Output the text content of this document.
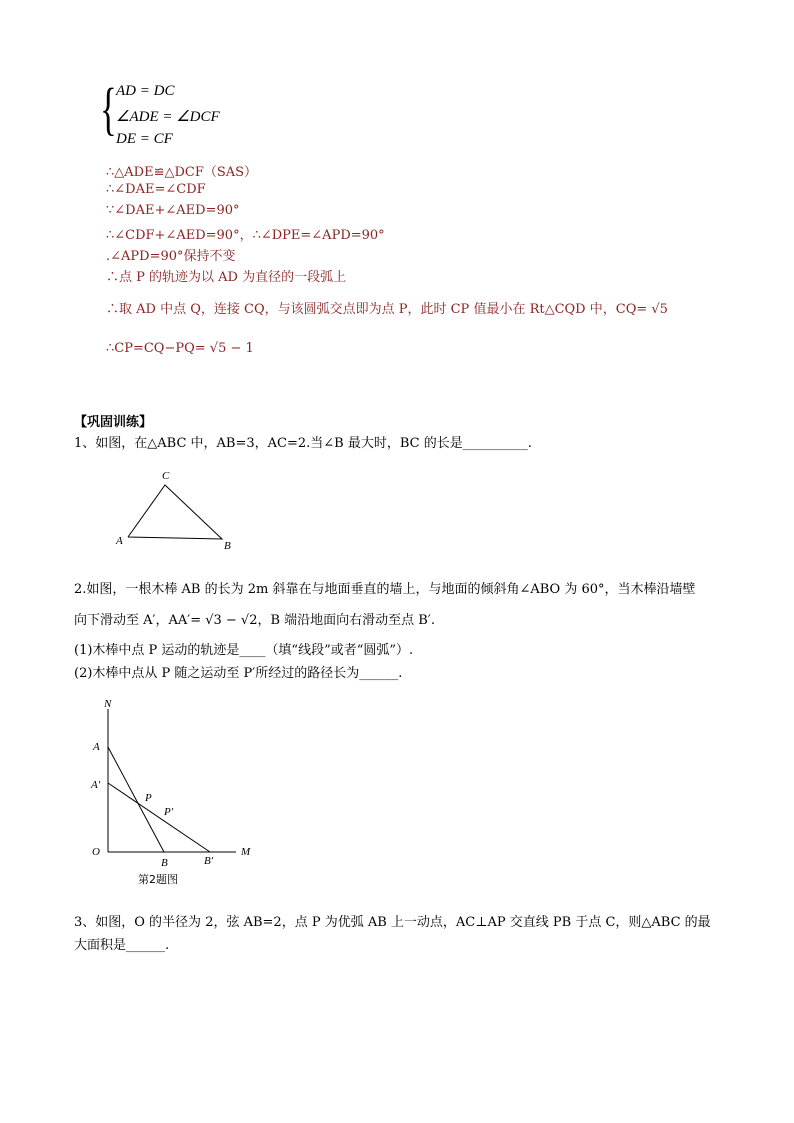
{ AD = DC
∠ADE = ∠DCF
DE = CF
∴△ADE≌△DCF（SAS）
∴∠DAE=∠CDF
∵∠DAE+∠AED=90°
∴∠CDF+∠AED=90°，∴∠DPE=∠APD=90°
.∠APD=90°保持不变
∴点 P 的轨迹为以 AD 为直径的一段弧上
∴取 AD 中点 Q，连接 CQ，与该圆弧交点即为点 P，此时 CP 值最小在 Rt△CQD 中，CQ= √5
∴CP=CQ−PQ= √5 − 1
【巩固训练】
1、如图，在△ABC 中，AB=3，AC=2.当∠B 最大时，BC 的长是__________.
C
A	B
2.如图，一根木棒 AB 的长为 2m 斜靠在与地面垂直的墙上，与地面的倾斜角∠ABO 为 60°，当木棒沿墙壁
向下滑动至 A′，AA′= √3 − √2，B 端沿地面向右滑动至点 B′.
(1)木棒中点 P 运动的轨迹是____（填“线段”或者“圆弧”）.
(2)木棒中点从 P 随之运动至 P′所经过的路径长为______.
N
A
A′
P
P′
O
B	B′
M
第2题图
3、如图，O 的半径为 2，弦 AB=2，点 P 为优弧 AB 上一动点，AC⊥AP 交直线 PB 于点 C，则△ABC 的最
大面积是______.
